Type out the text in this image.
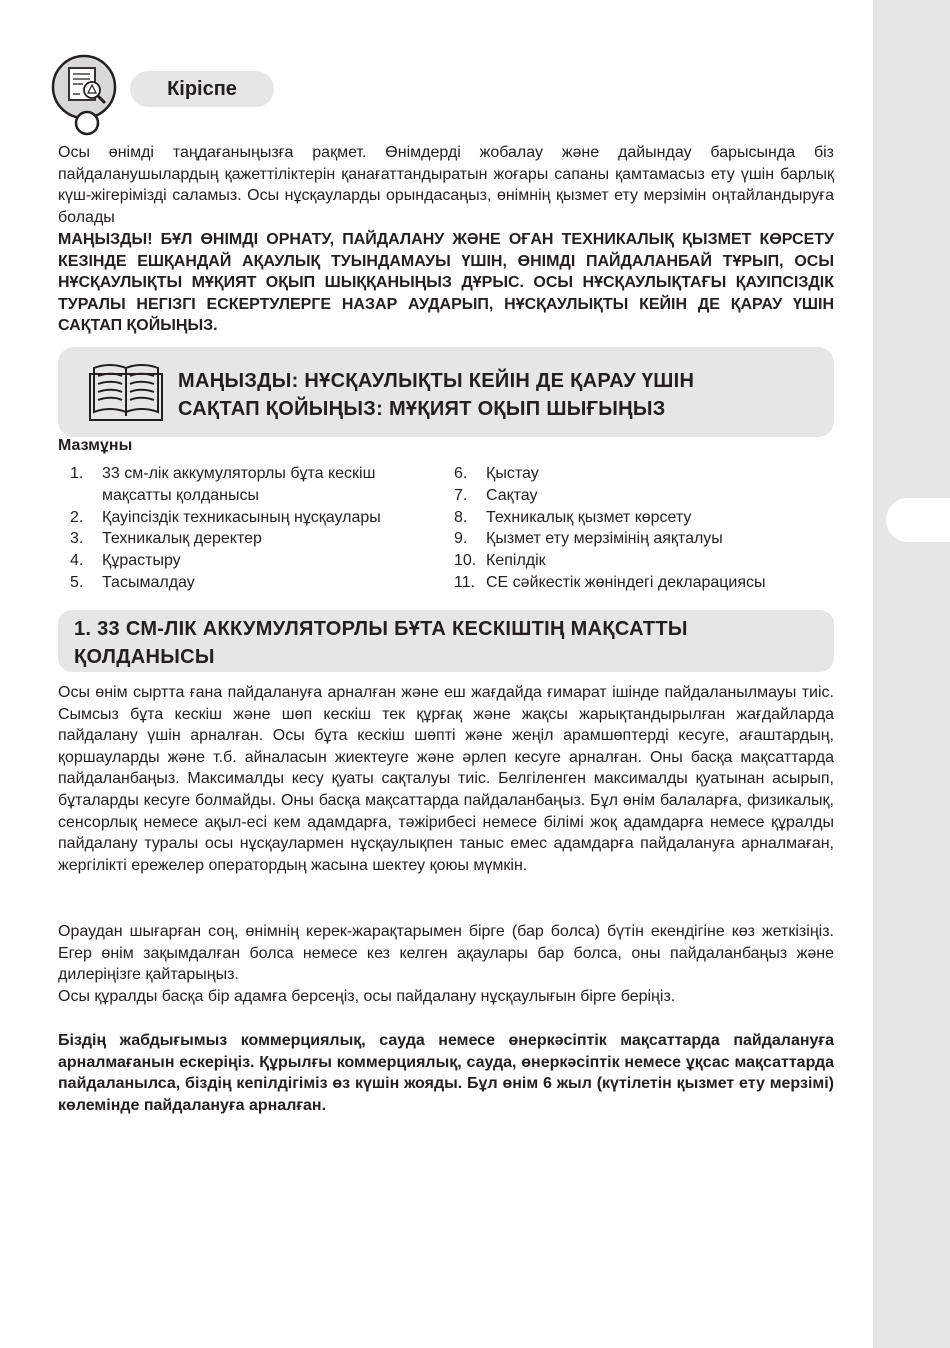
Кіріспе

Осы өнімді таңдағаныңызға рақмет. Өнімдерді жобалау және дайындау барысында біз пайдаланушылардың қажеттіліктерін қанағаттандыратын жоғары сапаны қамтамасыз ету үшін барлық күш-жігерімізді саламыз. Осы нұсқауларды орындасаңыз, өнімнің қызмет ету мерзімін оңтайландыруға болады

МАҢЫЗДЫ! БҰЛ ӨНІМДІ ОРНАТУ, ПАЙДАЛАНУ ЖӘНЕ ОҒАН ТЕХНИКАЛЫҚ ҚЫЗМЕТ КӨРСЕТУ КЕЗІНДЕ ЕШҚАНДАЙ АҚАУЛЫҚ ТУЫНДАМАУЫ ҮШІН, ӨНІМДІ ПАЙДАЛАНБАЙ ТҰРЫП, ОСЫ НҰСҚАУЛЫҚТЫ МҰҚИЯТ ОҚЫП ШЫҚҚАНЫҢЫЗ ДҰРЫС. ОСЫ НҰСҚАУЛЫҚТАҒЫ ҚАУІПСІЗДІК ТУРАЛЫ НЕГІЗГІ ЕСКЕРТУЛЕРГЕ НАЗАР АУДАРЫП, НҰСҚАУЛЫҚТЫ КЕЙІН ДЕ ҚАРАУ ҮШІН САҚТАП ҚОЙЫҢЫЗ.

МАҢЫЗДЫ: НҰСҚАУЛЫҚТЫ КЕЙІН ДЕ ҚАРАУ ҮШІН
САҚТАП ҚОЙЫҢЫЗ: МҰҚИЯТ ОҚЫП ШЫҒЫҢЫЗ
Мазмұны
1.	33 см-лік аккумуляторлы бұта кескіш мақсатты қолданысы
2.	Қауіпсіздік техникасының нұсқаулары
3.	Техникалық деректер
4.	Құрастыру
5.	Тасымалдау
6.	Қыстау
7.	Сақтау
8.	Техникалық қызмет көрсету
9.	Қызмет ету мерзімінің аяқталуы
10. Кепілдік
11. CE сәйкестік жөніндегі декларациясы
1. 33 СМ-ЛІК АККУМУЛЯТОРЛЫ БҰТА КЕСКІШТІҢ МАҚСАТТЫ
ҚОЛДАНЫСЫ

Осы өнім сыртта ғана пайдалануға арналған және еш жағдайда ғимарат ішінде пайдаланылмауы тиіс. Сымсыз бұта кескіш және шөп кескіш тек құрғақ және жақсы жарықтандырылған жағдайларда пайдалану үшін арналған. Осы бұта кескіш шөпті және жеңіл арамшөптерді кесуге, ағаштардың, қоршауларды және т.б. айналасын жиектеуге және әрлеп кесуге арналған. Оны басқа мақсаттарда пайдаланбаңыз. Максималды кесу қуаты сақталуы тиіс. Белгіленген максималды қуатынан асырып, бұталарды кесуге болмайды. Оны басқа мақсаттарда пайдаланбаңыз. Бұл өнім балаларға, физикалық, сенсорлық немесе ақыл-есі кем адамдарға, тәжірибесі немесе білімі жоқ адамдарға немесе құралды пайдалану туралы осы нұсқаулармен нұсқаулықпен таныс емес адамдарға пайдалануға арналмаған, жергілікті ережелер оператордың жасына шектеу қоюы мүмкін.

Ораудан шығарған соң, өнімнің керек-жарақтарымен бірге (бар болса) бүтін екендігіне көз жеткізіңіз. Егер өнім зақымдалған болса немесе кез келген ақаулары бар болса, оны пайдаланбаңыз және дилеріңізге қайтарыңыз.

Осы құралды басқа бір адамға берсеңіз, осы пайдалану нұсқаулығын бірге беріңіз.

Біздің жабдығымыз коммерциялық, сауда немесе өнеркәсіптік мақсаттарда пайдалануға арналмағанын ескеріңіз. Құрылғы коммерциялық, сауда, өнеркәсіптік немесе ұқсас мақсаттарда пайдаланылса, біздің кепілдігіміз өз күшін жояды. Бұл өнім 6 жыл (күтілетін қызмет ету мерзімі) көлемінде пайдалануға арналған.
